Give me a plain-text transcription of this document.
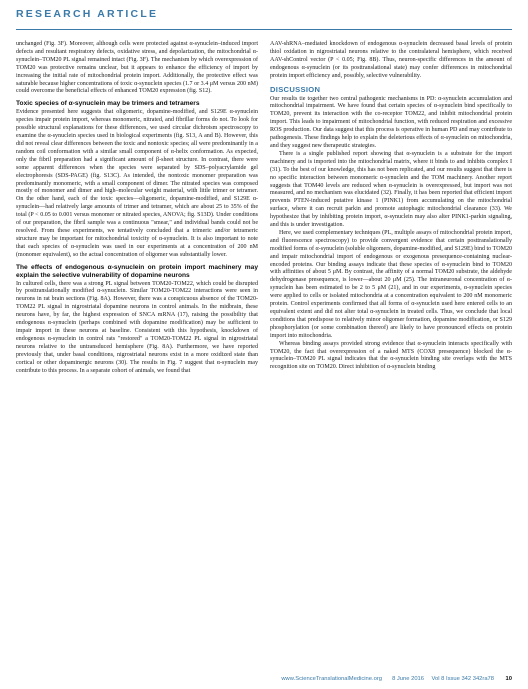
RESEARCH ARTICLE

unchanged (Fig. 3F). Moreover, although cells were protected against α-synuclein–induced import defects and resultant respiratory defects, oxidative stress, and depolarization, the mitochondrial α-synuclein–TOM20 PL signal remained intact (Fig. 3F). The mechanism by which overexpression of TOM20 was protective remains unclear, but it appears to enhance the efficiency of import by increasing the initial rate of mitochondrial protein import. Additionally, the protective effect was saturable because higher concentrations of toxic α-synuclein species (1.7 or 3.4 μM versus 200 nM) could overcome the beneficial effects of enhanced TOM20 expression (fig. S12).

Toxic species of α-synuclein may be trimers and tetramers

Evidence presented here suggests that oligomeric, dopamine-modified, and S129E α-synuclein species impair protein import, whereas monomeric, nitrated, and fibrillar forms do not. To look for possible structural explanations for these differences, we used circular dichroism spectroscopy to examine the α-synuclein species used in biological experiments (fig. S13, A and B). However, this did not reveal clear differences between the toxic and nontoxic species; all were predominantly in a random coil conformation with a similar small component of α-helix conformation. As expected, only the fibril preparation had a significant amount of β-sheet structure. In contrast, there were some apparent differences when the species were separated by SDS–polyacrylamide gel electrophoresis (SDS-PAGE) (fig. S13C). As intended, the nontoxic monomer preparation was predominantly monomeric, with a small component of dimer. The nitrated species was composed mostly of monomer and dimer and high–molecular weight material, with little trimer or tetramer. On the other hand, each of the toxic species—oligomeric, dopamine-modified, and S129E α-synuclein—had relatively large amounts of trimer and tetramer, which are about 25 to 35% of the total (P < 0.05 to 0.001 versus monomer or nitrated species, ANOVA; fig. S13D). Under conditions of our preparation, the fibril sample was a continuous "smear," and individual bands could not be resolved. From these experiments, we tentatively concluded that a trimeric and/or tetrameric structure may be important for mitochondrial toxicity of α-synuclein. It is also important to note that each species of α-synuclein was used in our experiments at a concentration of 200 nM (monomer equivalent), so the actual concentration of oligomer was substantially lower.

The effects of endogenous α-synuclein on protein import machinery may explain the selective vulnerability of dopamine neurons

In cultured cells, there was a strong PL signal between TOM20-TOM22, which could be disrupted by posttranslationally modified α-synuclein. Similar TOM20-TOM22 interactions were seen in neurons in rat brain sections (Fig. 8A). However, there was a conspicuous absence of the TOM20-TOM22 PL signal in nigrostriatal dopamine neurons in control animals. In the midbrain, these neurons have, by far, the highest expression of SNCA mRNA (17), raising the possibility that endogenous α-synuclein (perhaps combined with dopamine modification) may be sufficient to impair import in these neurons at baseline. Consistent with this hypothesis, knockdown of endogenous α-synuclein in control rats "restored" a TOM20-TOM22 PL signal in nigrostriatal neurons relative to the untransduced hemisphere (Fig. 8A). Furthermore, we have reported previously that, under basal conditions, nigrostriatal neurons exist in a more oxidized state than cortical or other dopaminergic neurons (30). The results in Fig. 7 suggest that α-synuclein may contribute to this process. In a separate cohort of animals, we found that

AAV-shRNA–mediated knockdown of endogenous α-synuclein decreased basal levels of protein thiol oxidation in nigrostriatal neurons relative to the contralateral hemisphere, which received AAV-shControl vector (P < 0.05; Fig. 8B). Thus, neuron-specific differences in the amount of endogenous α-synuclein (or its posttranslational state) may confer differences in mitochondrial protein import efficiency and, possibly, selective vulnerability.

DISCUSSION

Our results tie together two central pathogenic mechanisms in PD: α-synuclein accumulation and mitochondrial impairment. We have found that certain species of α-synuclein bind specifically to TOM20, prevent its interaction with the co-receptor TOM22, and inhibit mitochondrial protein import. This leads to impairment of mitochondrial function, with reduced respiration and excessive ROS production. Our data suggest that this process is operative in human PD and may contribute to pathogenesis. These findings help to explain the deleterious effects of α-synuclein on mitochondria, and they suggest new therapeutic strategies.

There is a single published report showing that α-synuclein is a substrate for the import machinery and is imported into the mitochondrial matrix, where it binds to and inhibits complex I (31). To the best of our knowledge, this has not been replicated, and our results suggest that there is no specific interaction between monomeric α-synuclein and the TOM machinery. Another report suggests that TOM40 levels are reduced when α-synuclein is overexpressed, but import was not measured, and no mechanism was elucidated (32). Finally, it has been reported that efficient import prevents PTEN-induced putative kinase 1 (PINK1) from accumulating on the mitochondrial surface, where it can recruit parkin and promote autophagic mitochondrial clearance (33). We hypothesize that by inhibiting protein import, α-synuclein may also alter PINK1-parkin signaling, and this is under investigation.

Here, we used complementary techniques (PL, multiple assays of mitochondrial protein import, and fluorescence spectroscopy) to provide convergent evidence that certain posttranslationally modified forms of α-synuclein (soluble oligomers, dopamine-modified, and S129E) bind to TOM20 and impair mitochondrial import of endogenous or exogenous presequence-containing nuclear-encoded proteins. Our binding assays indicate that these species of α-synuclein bind to TOM20 with affinities of about 5 μM. By contrast, the affinity of a normal TOM20 substrate, the aldehyde dehydrogenase presequence, is lower—about 20 μM (25). The intraneuronal concentration of α-synuclein has been estimated to be 2 to 5 μM (21), and in our experiments, α-synuclein species were applied to cells or isolated mitochondria at a concentration equivalent to 200 nM monomeric protein. Control experiments confirmed that all forms of α-synuclein used here entered cells to an equivalent extent and did not alter total α-synuclein in treated cells. Thus, we conclude that local conditions that predispose to relatively minor oligomer formation, dopamine modification, or S129 phosphorylation (or some combination thereof) are likely to have pronounced effects on protein import into mitochondria.

Whereas binding assays provided strong evidence that α-synuclein interacts specifically with TOM20, the fact that overexpression of a naked MTS (COX8 presequence) blocked the α-synuclein–TOM20 PL signal indicates that the α-synuclein binding site overlaps with the MTS recognition site on TOM20. Direct inhibition of α-synuclein binding

www.ScienceTranslationalMedicine.org 8 June 2016 Vol 8 Issue 342 342ra78 10
